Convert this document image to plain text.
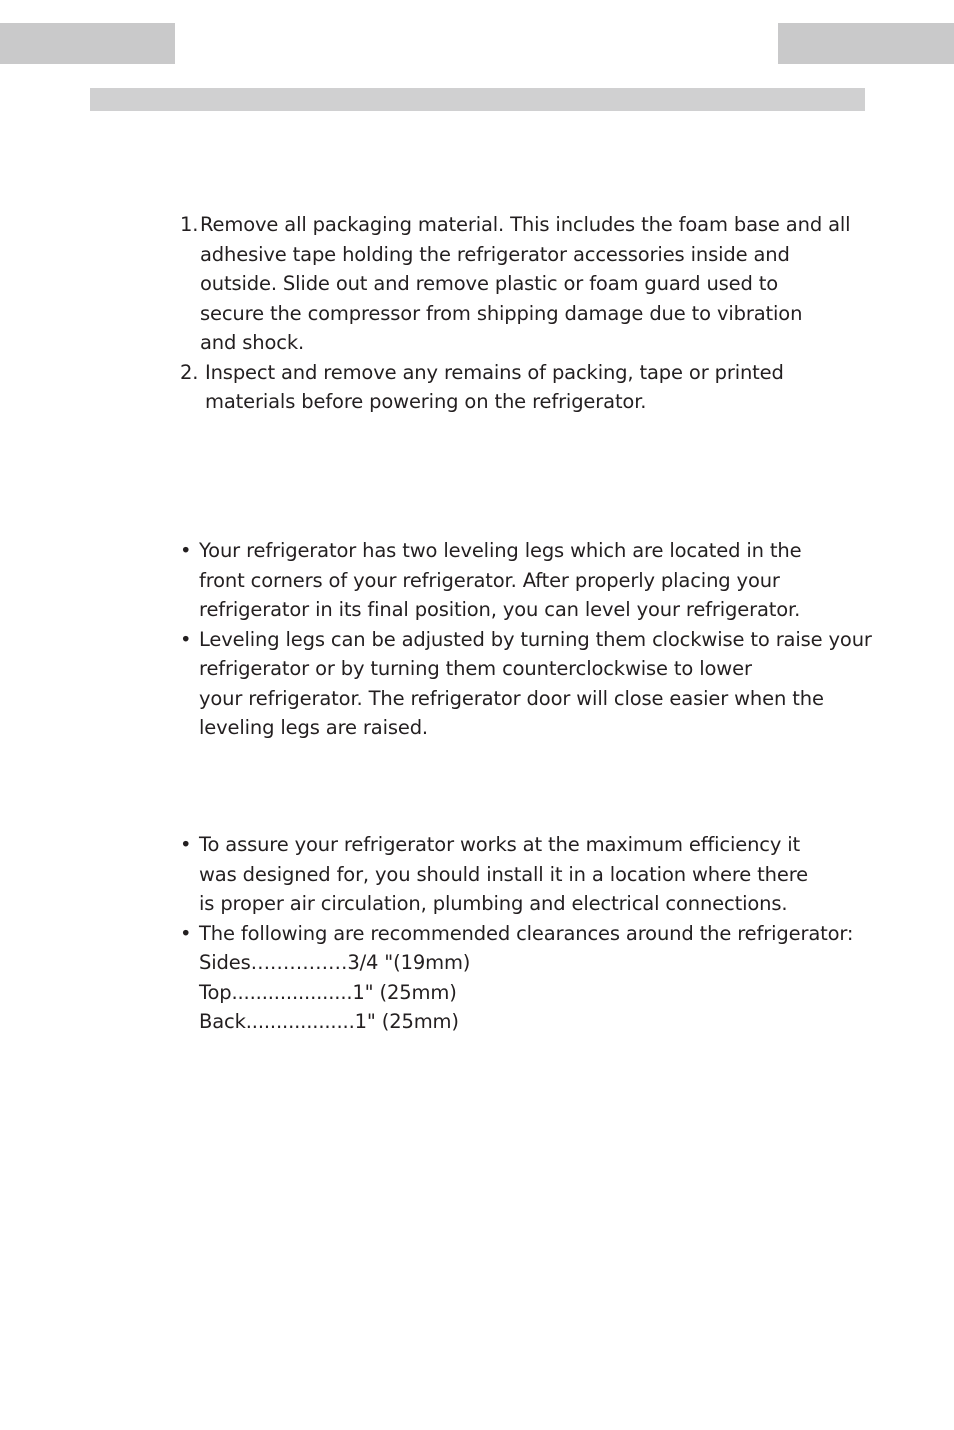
1. Remove all packaging material. This includes the foam base and all
adhesive tape holding the refrigerator accessories inside and
outside. Slide out and remove plastic or foam guard used to
secure the compressor from shipping damage due to vibration
and shock.
2. Inspect and remove any remains of packing, tape or printed
materials before powering on the refrigerator.
• Your refrigerator has two leveling legs which are located in the
front corners of your refrigerator. After properly placing your
refrigerator in its final position, you can level your refrigerator.
• Leveling legs can be adjusted by turning them clockwise to raise your
refrigerator or by turning them counterclockwise to lower
your refrigerator. The refrigerator door will close easier when the
leveling legs are raised.
• To assure your refrigerator works at the maximum efficiency it
was designed for, you should install it in a location where there
is proper air circulation, plumbing and electrical connections.
• The following are recommended clearances around the refrigerator:
Sides……………3/4 "(19mm)
Top....................1" (25mm)
Back..................1" (25mm)
